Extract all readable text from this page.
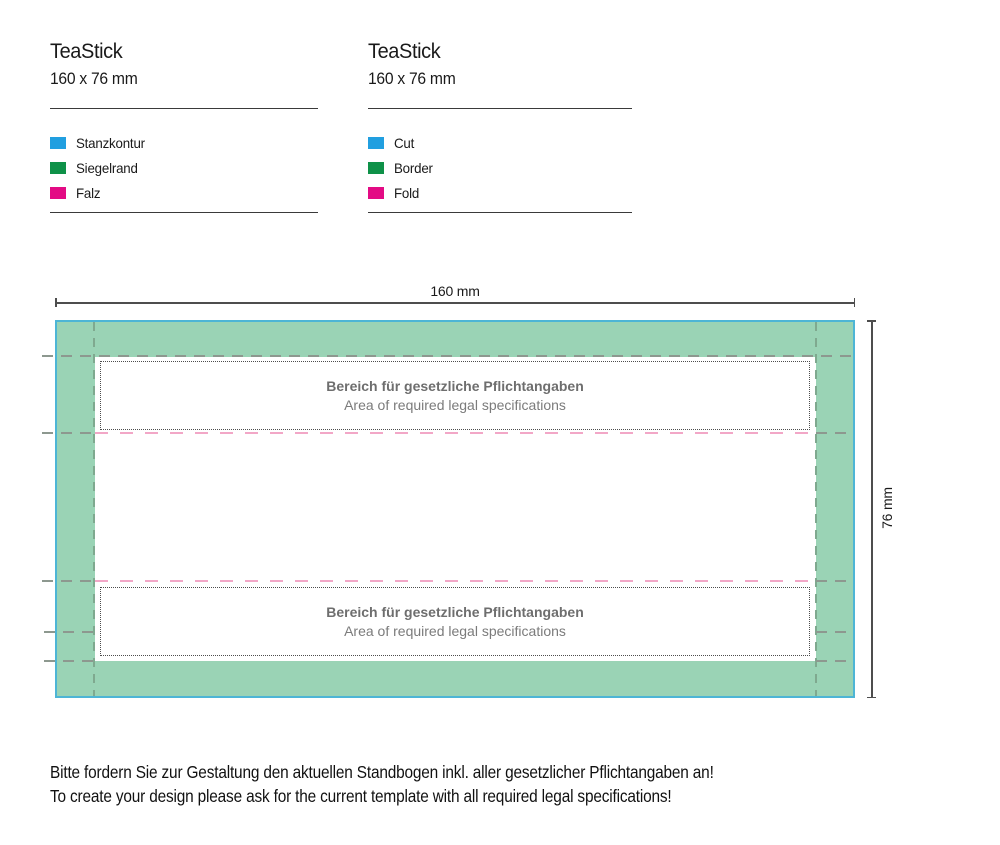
TeaStick
160 x 76 mm
Stanzkontur
Siegelrand
Falz
TeaStick
160 x 76 mm
Cut
Border
Fold
160 mm
Bereich für gesetzliche Pflichtangaben
Area of required legal specifications
Bereich für gesetzliche Pflichtangaben
Area of required legal specifications
76 mm
Bitte fordern Sie zur Gestaltung den aktuellen Standbogen inkl. aller gesetzlicher Pflichtangaben an!
To create your design please ask for the current template with all required legal specifications!
